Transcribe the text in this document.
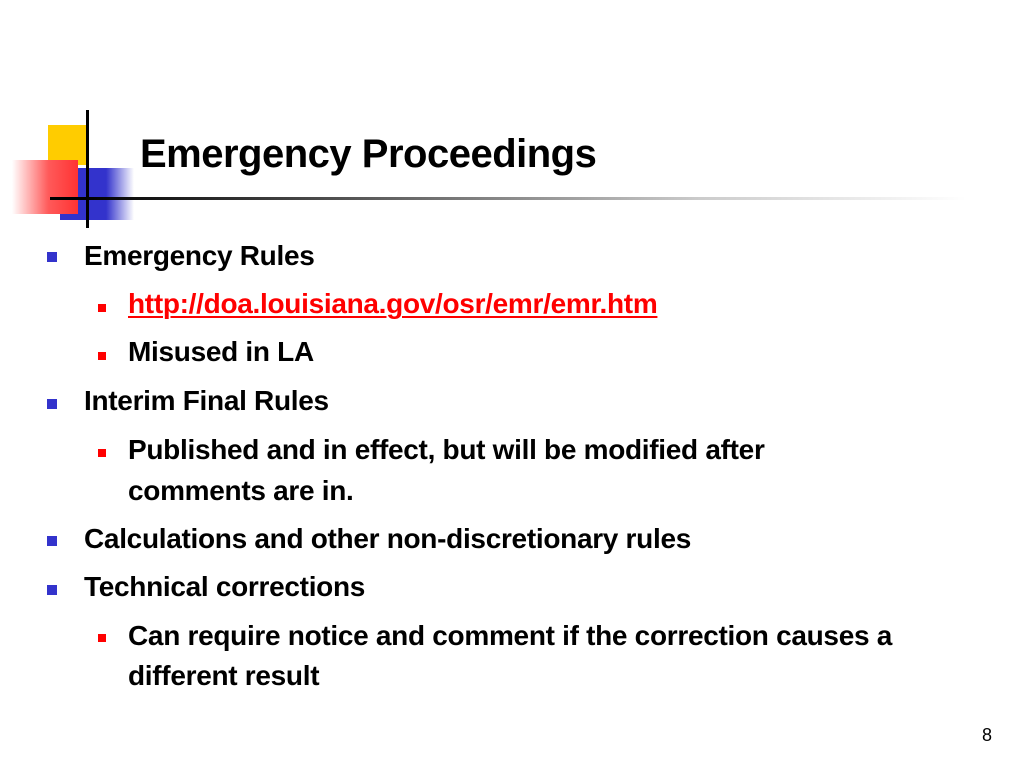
Emergency Proceedings
Emergency Rules
http://doa.louisiana.gov/osr/emr/emr.htm
Misused in LA
Interim Final Rules
Published and in effect, but will be modified after
comments are in.
Calculations and other non-discretionary rules
Technical corrections
Can require notice and comment if the correction causes a
different result
8
